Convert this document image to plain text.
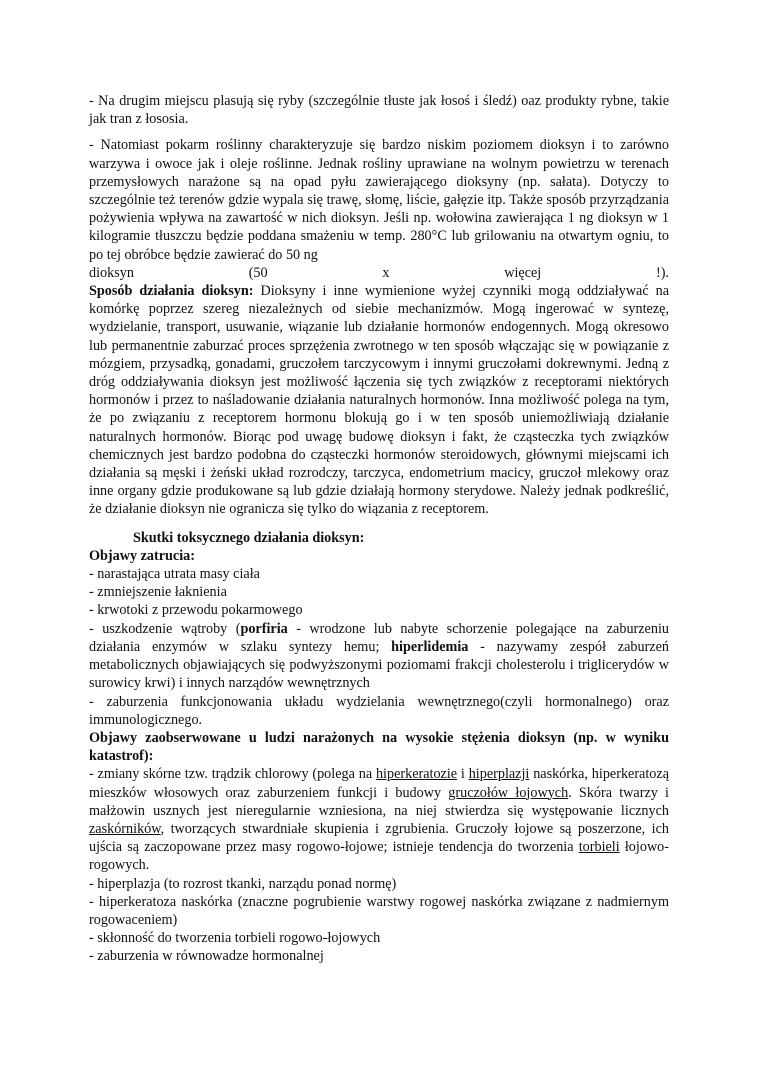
- Na drugim miejscu plasują się ryby (szczególnie tłuste jak łosoś i śledź) oaz produkty rybne, takie jak tran z łososia.

- Natomiast pokarm roślinny charakteryzuje się bardzo niskim poziomem dioksyn i to zarówno warzywa i owoce jak i oleje roślinne. Jednak rośliny uprawiane na wolnym powietrzu w terenach przemysłowych narażone są na opad pyłu zawierającego dioksyny (np. sałata). Dotyczy to szczególnie też terenów gdzie wypala się trawę, słomę, liście, gałęzie itp. Także sposób przyrządzania pożywienia wpływa na zawartość w nich dioksyn. Jeśli np. wołowina zawierająca 1 ng dioksyn w 1 kilogramie tłuszczu będzie poddana smażeniu w temp. 280°C lub grilowaniu na otwartym ogniu, to po tej obróbce będzie zawierać do 50 ng

dioksyn	(50	x	więcej	!).

Sposób działania dioksyn: Dioksyny i inne wymienione wyżej czynniki mogą oddziaływać na komórkę poprzez szereg niezależnych od siebie mechanizmów. Mogą ingerować w syntezę, wydzielanie, transport, usuwanie, wiązanie lub działanie hormonów endogennych. Mogą okresowo lub permanentnie zaburzać proces sprzężenia zwrotnego w ten sposób włączając się w powiązanie z mózgiem, przysadką, gonadami, gruczołem tarczycowym i innymi gruczołami dokrewnymi. Jedną z dróg oddziaływania dioksyn jest możliwość łączenia się tych związków z receptorami niektórych hormonów i przez to naśladowanie działania naturalnych hormonów. Inna możliwość polega na tym, że po związaniu z receptorem hormonu blokują go i w ten sposób uniemożliwiają działanie naturalnych hormonów. Biorąc pod uwagę budowę dioksyn i fakt, że cząsteczka tych związków chemicznych jest bardzo podobna do cząsteczki hormonów steroidowych, głównymi miejscami ich działania są męski i żeński układ rozrodczy, tarczyca, endometrium macicy, gruczoł mlekowy oraz inne organy gdzie produkowane są lub gdzie działają hormony sterydowe. Należy jednak podkreślić, że działanie dioksyn nie ogranicza się tylko do wiązania z receptorem.

Skutki toksycznego działania dioksyn:

Objawy zatrucia:

- narastająca utrata masy ciała

- zmniejszenie łaknienia

- krwotoki z przewodu pokarmowego

- uszkodzenie wątroby (porfiria - wrodzone lub nabyte schorzenie polegające na zaburzeniu działania enzymów w szlaku syntezy hemu; hiperlidemia - nazywamy zespół zaburzeń metabolicznych objawiających się podwyższonymi poziomami frakcji cholesterolu i triglicerydów w surowicy krwi) i innych narządów wewnętrznych

- zaburzenia funkcjonowania układu wydzielania wewnętrznego(czyli hormonalnego) oraz immunologicznego.

Objawy zaobserwowane u ludzi narażonych na wysokie stężenia dioksyn (np. w wyniku katastrof):

- zmiany skórne tzw. trądzik chlorowy (polega na hiperkeratozie i hiperplazji naskórka, hiperkeratozą mieszków włosowych oraz zaburzeniem funkcji i budowy gruczołów łojowych. Skóra twarzy i małżowin usznych jest nieregularnie wzniesiona, na niej stwierdza się występowanie licznych zaskórników, tworzących stwardniałe skupienia i zgrubienia. Gruczoły łojowe są poszerzone, ich ujścia są zaczopowane przez masy rogowo-łojowe; istnieje tendencja do tworzenia torbieli łojowo-rogowych.

- hiperplazja (to rozrost tkanki, narządu ponad normę)

- hiperkeratoza naskórka (znaczne pogrubienie warstwy rogowej naskórka związane z nadmiernym rogowaceniem)

- skłonność do tworzenia torbieli rogowo-łojowych

- zaburzenia w równowadze hormonalnej
